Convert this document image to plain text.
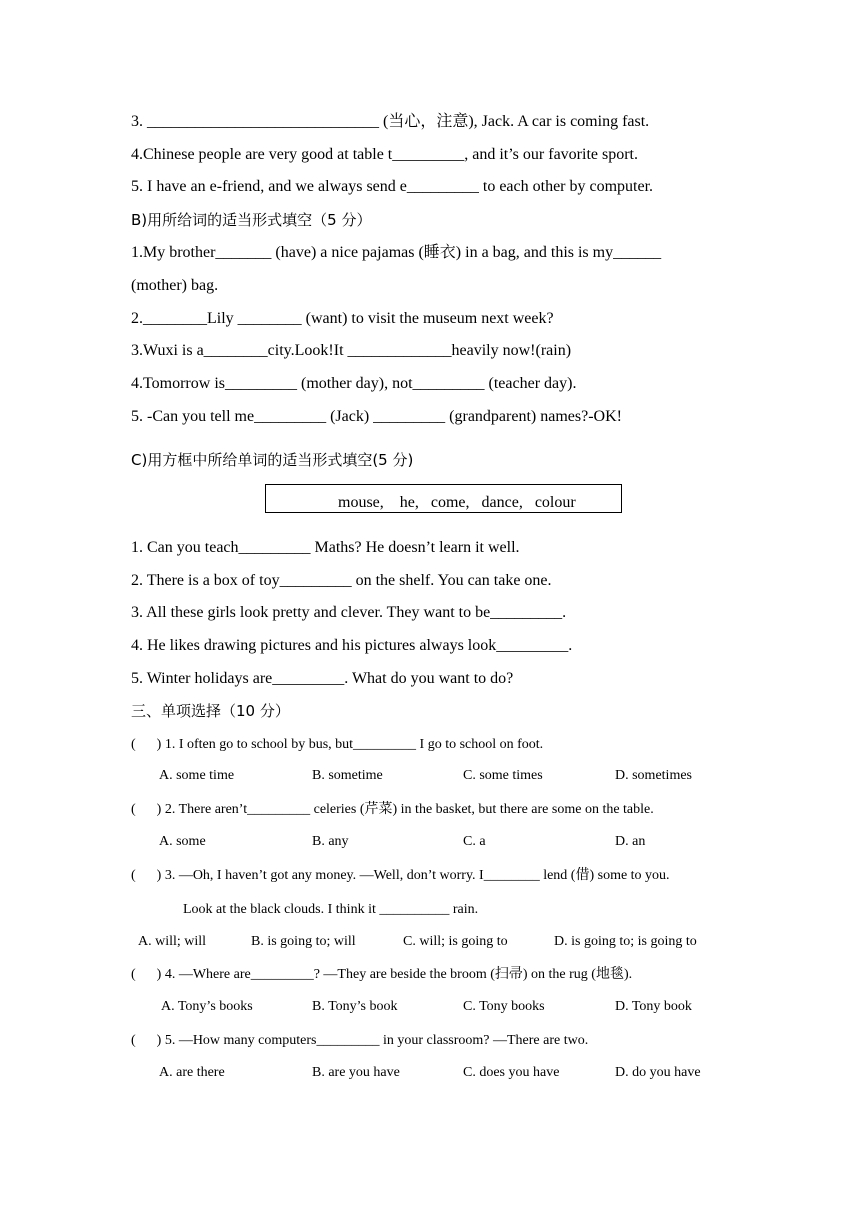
3. _____________________________ (当心，注意), Jack. A car is coming fast.
4.Chinese people are very good at table t_________, and it’s our favorite sport.
5. I have an e-friend, and we always send e_________ to each other by computer.
B)用所给词的适当形式填空（5 分）
1.My brother_______ (have) a nice pajamas (睡衣) in a bag, and this is my______
(mother) bag.
2.________Lily ________ (want) to visit the museum next week?
3.Wuxi is a________city.Look!It _____________heavily now!(rain)
4.Tomorrow is_________ (mother day), not_________ (teacher day).
5. -Can you tell me_________ (Jack) _________ (grandparent) names?-OK!
C)用方框中所给单词的适当形式填空(5 分)
mouse,    he,   come,   dance,   colour
1. Can you teach_________ Maths? He doesn’t learn it well.
2. There is a box of toy_________ on the shelf. You can take one.
3. All these girls look pretty and clever. They want to be_________.
4. He likes drawing pictures and his pictures always look_________.
5. Winter holidays are_________. What do you want to do?
三、单项选择（10 分）
(      ) 1. I often go to school by bus, but_________ I go to school on foot.

A. some time

	B. sometime

	C. some times

	D. sometimes

(      ) 2. There aren’t_________ celeries (芹菜) in the basket, but there are some on the table.

A. some

	B. any

	C. a

	D. an

(      ) 3. —Oh, I haven’t got any money. —Well, don’t worry. I________ lend (借) some to you.
Look at the black clouds. I think it __________ rain.

A. will; will

	B. is going to; will

	C. will; is going to

	D. is going to; is going to

(      ) 4. —Where are_________? —They are beside the broom (扫帚) on the rug (地毯).

A. Tony’s books

	B. Tony’s book

	C. Tony books

	D. Tony book

(      ) 5. —How many computers_________ in your classroom? —There are two.

A. are there

	B. are you have

	C. does you have

	D. do you have
